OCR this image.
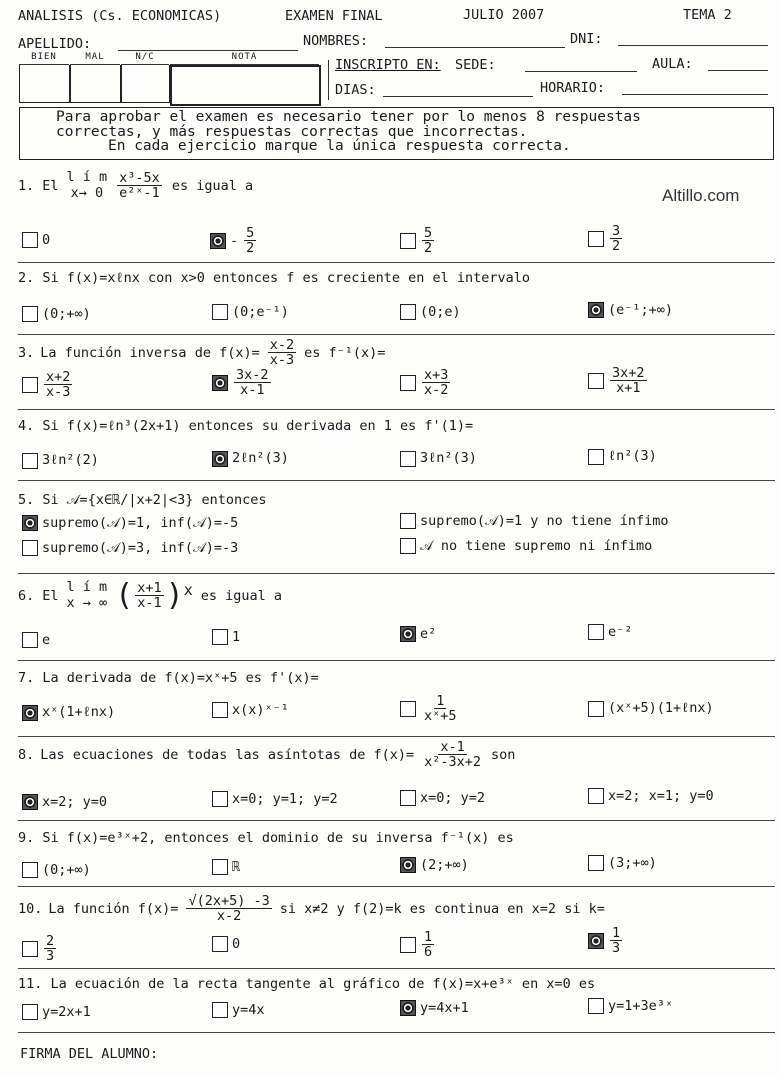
ANALISIS (Cs. ECONOMICAS)	EXAMEN FINAL	JULIO 2007	TEMA 2
APELLIDO:	NOMBRES:	DNI:
INSCRIPTO EN: SEDE:	AULA:
DIAS:	HORARIO:
BIEN	MAL	N/C	NOTA
Para aprobar el examen es necesario tener por lo menos 8 respuestas
correctas, y más respuestas correctas que incorrectas.
En cada ejercicio marque la única respuesta correcta.
Altillo.com
1. El
l í m
$x\to 0 \frac{\text{x³-5x}}{\text{e²ˣ-1}}$ es igual a
0	- $\frac{5}{2}$	$\frac{5}{2}$	$\frac{3}{2}$
2. Si f(x)=xℓnx con x>0 entonces f es creciente en el intervalo
(0;+∞)	(0;e⁻¹)	(0;e)	(e⁻¹;+∞)
3. La función inversa de $f(x)= \frac{x-2}{x-3}$ es f⁻¹(x)=
$\frac{x+2}{x-3}$	$\frac{3x-2}{x-1}$	$\frac{x+3}{x-2}$	$\frac{3x+2}{x+1}$
4. Si f(x)=ℓn³(2x+1) entonces su derivada en 1 es f'(1)=
3ℓn²(2)	2ℓn²(3)	3ℓn²(3)	ℓn²(3)
5. Si 𝒜={x∈ℝ/|x+2|<3} entonces
supremo(𝒜)=1, inf(𝒜)=-5	supremo(𝒜)=1 y no tiene ínfimo
supremo(𝒜)=3, inf(𝒜)=-3	𝒜 no tiene supremo ni ínfimo
6. El
l í m
x → ∞ ( $\frac{x+1}{x-1}$ ) x es igual a
e	1	e²	e⁻²
7. La derivada de f(x)=xˣ+5 es f'(x)=
xˣ(1+ℓnx)	x(x)ˣ⁻¹	$\frac{1}{\text{xˣ+5}}$	(xˣ+5)(1+ℓnx)
8. Las ecuaciones de todas las asíntotas de $f(x)= \frac{x-1}{\text{x²-3x+2}}$ son
x=2; y=0	x=0; y=1; y=2	x=0; y=2	x=2; x=1; y=0
9. Si f(x)=e³ˣ+2, entonces el dominio de su inversa f⁻¹(x) es
(0;+∞)	ℝ	(2;+∞)	(3;+∞)
10. La función $f(x)= \frac{√(2x+5) -3}{x-2}$ si x≠2 y f(2)=k es continua en x=2 si k=
$\frac{2}{3}$	0	$\frac{1}{6}$	$\frac{1}{3}$
11. La ecuación de la recta tangente al gráfico de f(x)=x+e³ˣ en x=0 es
y=2x+1	y=4x	y=4x+1	y=1+3e³ˣ
FIRMA DEL ALUMNO:
